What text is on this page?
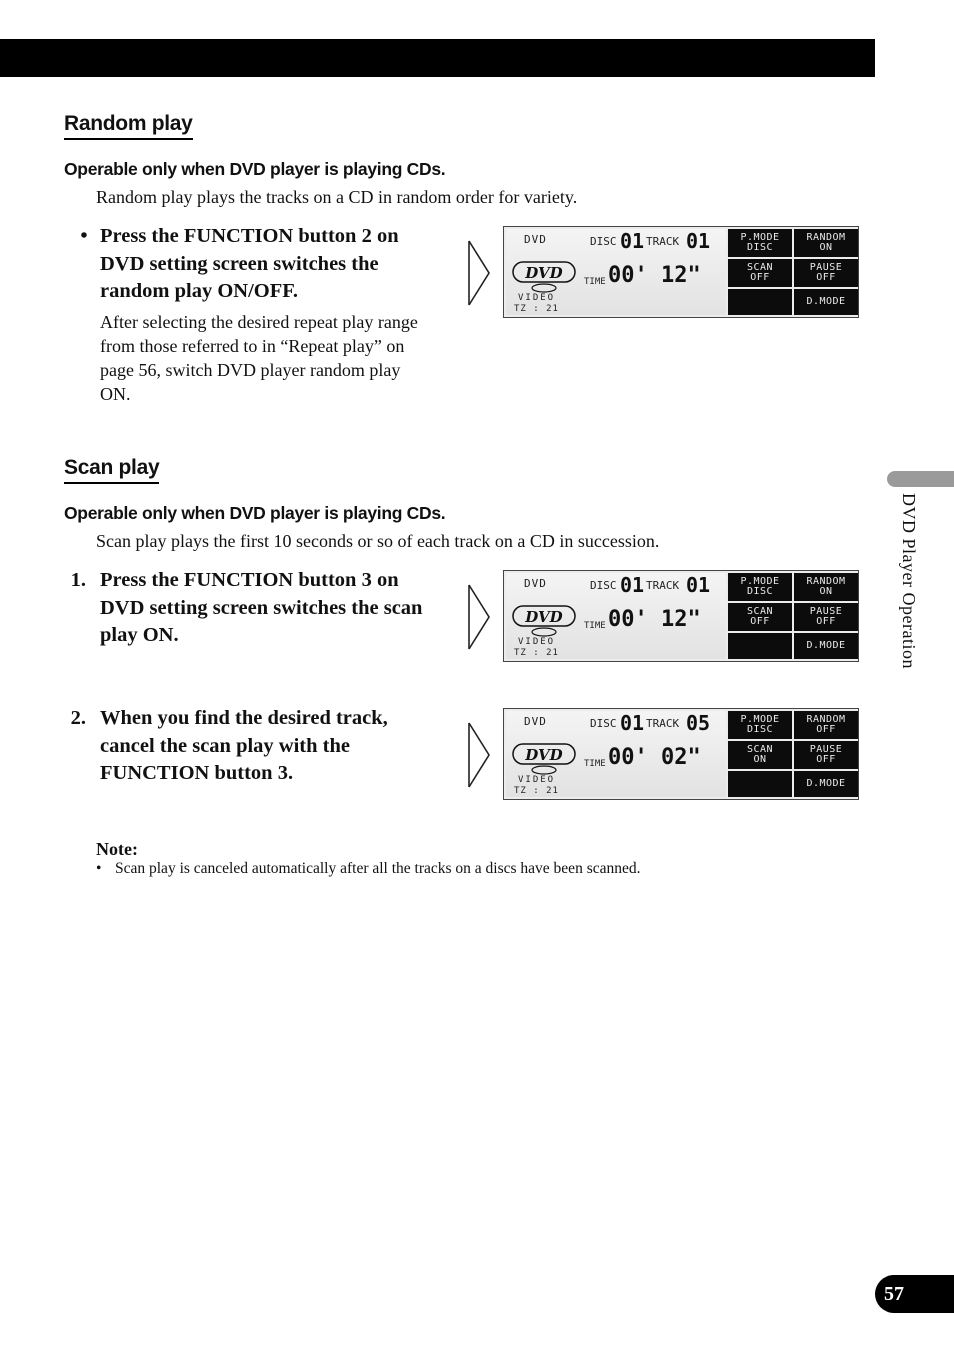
Random play
Operable only when DVD player is playing CDs.
Random play plays the tracks on a CD in random order for variety.
• Press the FUNCTION button 2 on DVD setting screen switches the random play ON/OFF.
After selecting the desired repeat play range from those referred to in “Repeat play” on page 56, switch DVD player random play ON.
Scan play
Operable only when DVD player is playing CDs.
Scan play plays the first 10 seconds or so of each track on a CD in succession.
1. Press the FUNCTION button 3 on DVD setting screen switches the scan play ON.
2. When you find the desired track, cancel the scan play with the FUNCTION button 3.
DVD	DISC 01 TRACK 01
DVD TIME 00' 12"
VIDEO
TZ : 21
P.MODE
DISC
RANDOM
ON
SCAN
OFF
PAUSE
OFF
D.MODE
DVD	DISC 01 TRACK 01
DVD TIME 00' 12"
VIDEO
TZ : 21
P.MODE
DISC
RANDOM
ON
SCAN
OFF
PAUSE
OFF
D.MODE
DVD	DISC 01 TRACK 05
DVD TIME 00' 02"
VIDEO
TZ : 21
P.MODE
DISC
RANDOM
OFF
SCAN
ON
PAUSE
OFF
D.MODE
Note:
• Scan play is canceled automatically after all the tracks on a discs have been scanned.
DVD Player Operation
57
